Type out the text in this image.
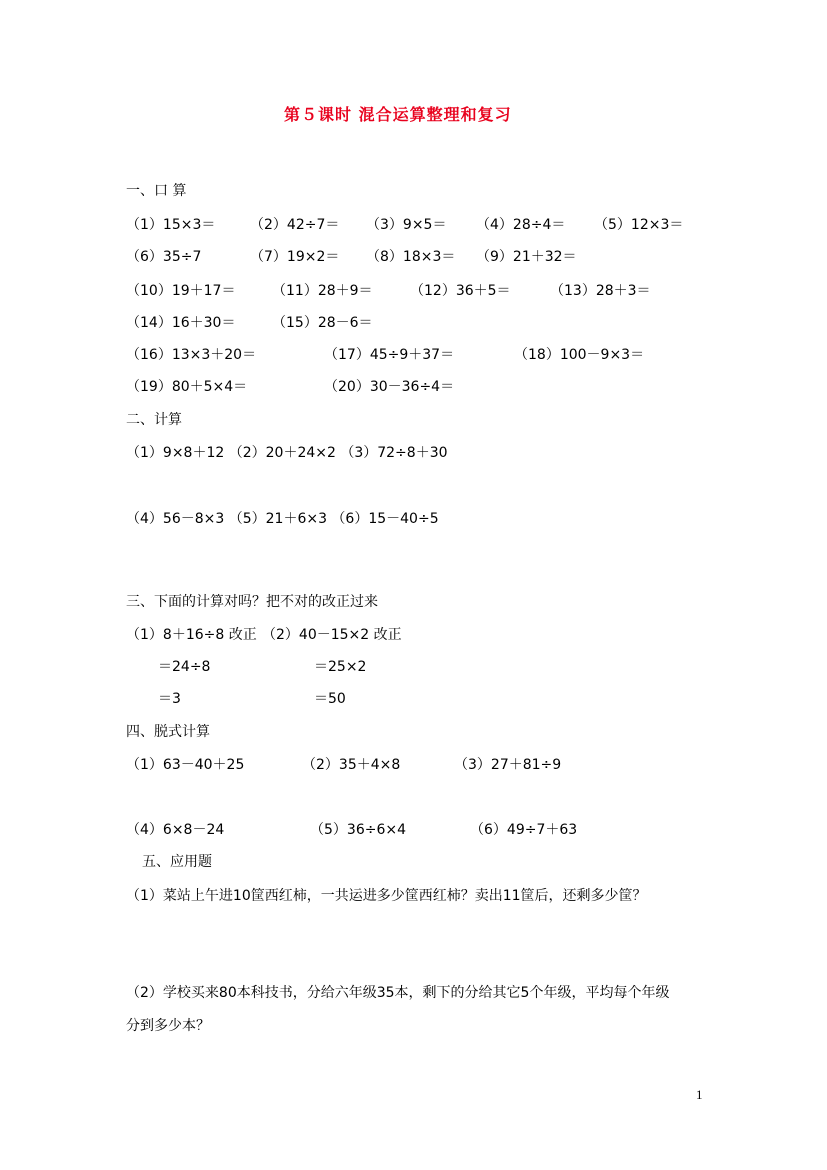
第５课时 混合运算整理和复习
一、口 算
（1）15×3＝ （2）42÷7＝ （3）9×5＝ （4）28÷4＝ （5）12×3＝
（6）35÷7	（7）19×2＝ （8）18×3＝ （9）21＋32＝
（10）19＋17＝	（11）28＋9＝	（12）36＋5＝	（13）28＋3＝
（14）16＋30＝	（15）28－6＝
（16）13×3＋20＝	（17）45÷9＋37＝	（18）100－9×3＝
（19）80＋5×4＝	（20）30－36÷4＝
二、计算
（1）9×8＋12 （2）20＋24×2 （3）72÷8＋30
（4）56－8×3 （5）21＋6×3 （6）15－40÷5
三、下面的计算对吗？把不对的改正过来
（1）8＋16÷8 改正 （2）40－15×2 改正
＝24÷8	＝25×2
＝3	＝50
四、脱式计算
（1）63－40＋25	（2）35＋4×8	（3）27＋81÷9
（4）6×8－24	（5）36÷6×4	（6）49÷7＋63
五、应用题
（1）菜站上午进10筐西红柿，一共运进多少筐西红柿？卖出11筐后，还剩多少筐？
（2）学校买来80本科技书，分给六年级35本，剩下的分给其它5个年级，平均每个年级
分到多少本？
1
